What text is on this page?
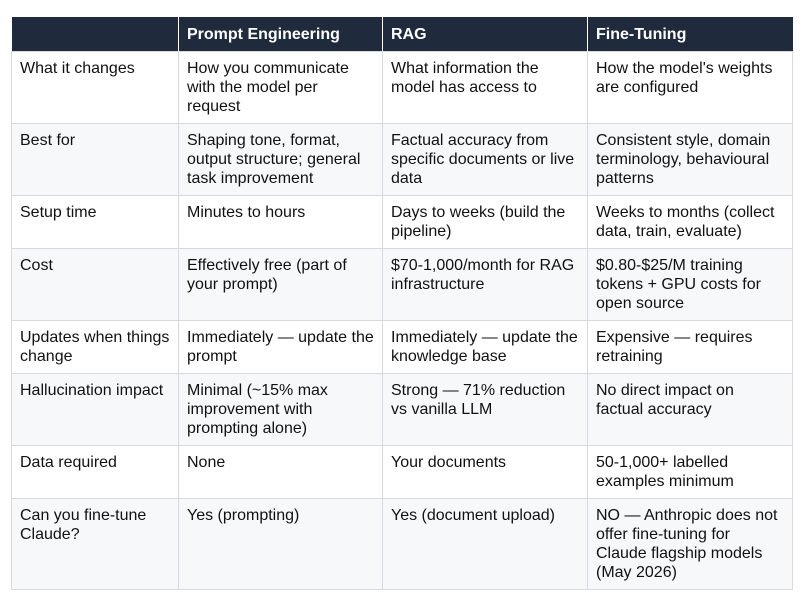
	Prompt Engineering	RAG	Fine-Tuning
What it changes	How you communicate with the model per request	What information the model has access to	How the model's weights are configured
Best for	Shaping tone, format, output structure; general task improvement	Factual accuracy from specific documents or live data	Consistent style, domain terminology, behavioural patterns
Setup time	Minutes to hours	Days to weeks (build the pipeline)	Weeks to months (collect data, train, evaluate)
Cost	Effectively free (part of your prompt)	$70-1,000/month for RAG infrastructure	$0.80-$25/M training tokens + GPU costs for open source
Updates when things change	Immediately — update the prompt	Immediately — update the knowledge base	Expensive — requires retraining
Hallucination impact	Minimal (~15% max improvement with prompting alone)	Strong — 71% reduction vs vanilla LLM	No direct impact on factual accuracy
Data required	None	Your documents	50-1,000+ labelled examples minimum
Can you fine-tune Claude?	Yes (prompting)	Yes (document upload)	NO — Anthropic does not offer fine-tuning for Claude flagship models (May 2026)
